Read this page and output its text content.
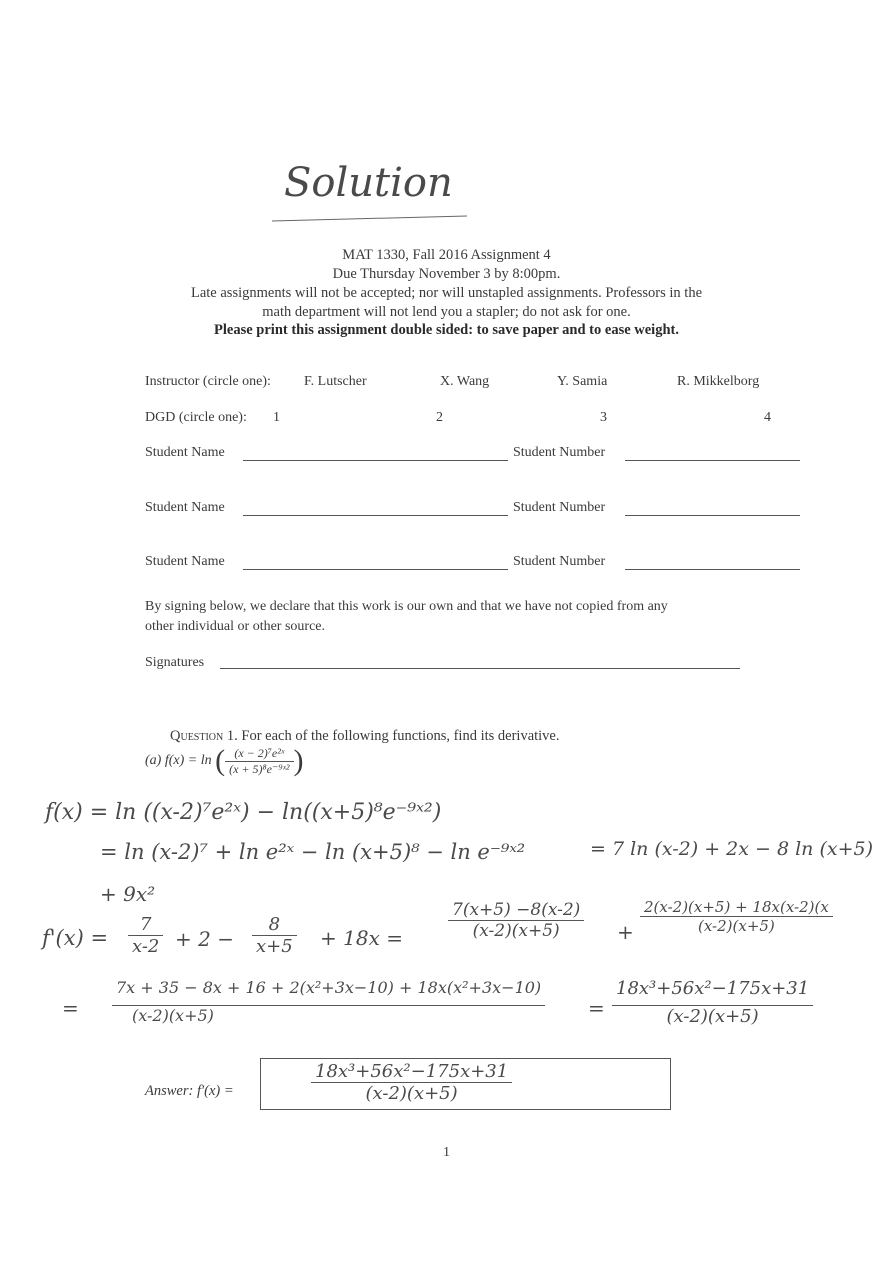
Solution
MAT 1330, Fall 2016 Assignment 4
Due Thursday November 3 by 8:00pm.
Late assignments will not be accepted; nor will unstapled assignments. Professors in the
math department will not lend you a stapler; do not ask for one.
Please print this assignment double sided: to save paper and to ease weight.
Instructor (circle one): F. Lutscher	X. Wang	Y. Samia	R. Mikkelborg
DGD (circle one): 1	2	3	4
Student Name	Student Number
Student Name	Student Number
Student Name	Student Number
By signing below, we declare that this work is our own and that we have not copied from any
other individual or other source.
Signatures
Question 1. For each of the following functions, find its derivative.
(a) f(x) = ln ( $\frac{\text{(x − 2)⁷e²ˣ}}{\text{(x + 5)⁸e⁻⁹ˣ²}}$ )
f(x) = ln ((x-2)⁷e²ˣ) − ln((x+5)⁸e⁻⁹ˣ²)
= ln (x-2)⁷ + ln e²ˣ − ln (x+5)⁸ − ln e⁻⁹ˣ²	= 7 ln (x-2) + 2x − 8 ln (x+5)
+ 9x²
$f'(x) = \frac{7}{x-2} + 2 - \frac{8}{x+5} + 18x$ =	$\frac{7(x+5) -8(x-2)}{(x-2)(x+5)} + \frac{2(x-2)(x+5) + 18x(x-2)(x}{(x-2)(x+5)}$
= $\frac{\text{7x + 35 − 8x + 16 + 2(x²+3x−10) + 18x(x²+3x−10)}}{(x-2)(x+5)} = \frac{\text{18x³+56x²−175x+31}}{(x-2)(x+5)}$
Answer: f′(x) =	$\frac{\text{18x³+56x²−175x+31}}{(x-2)(x+5)}$
1
